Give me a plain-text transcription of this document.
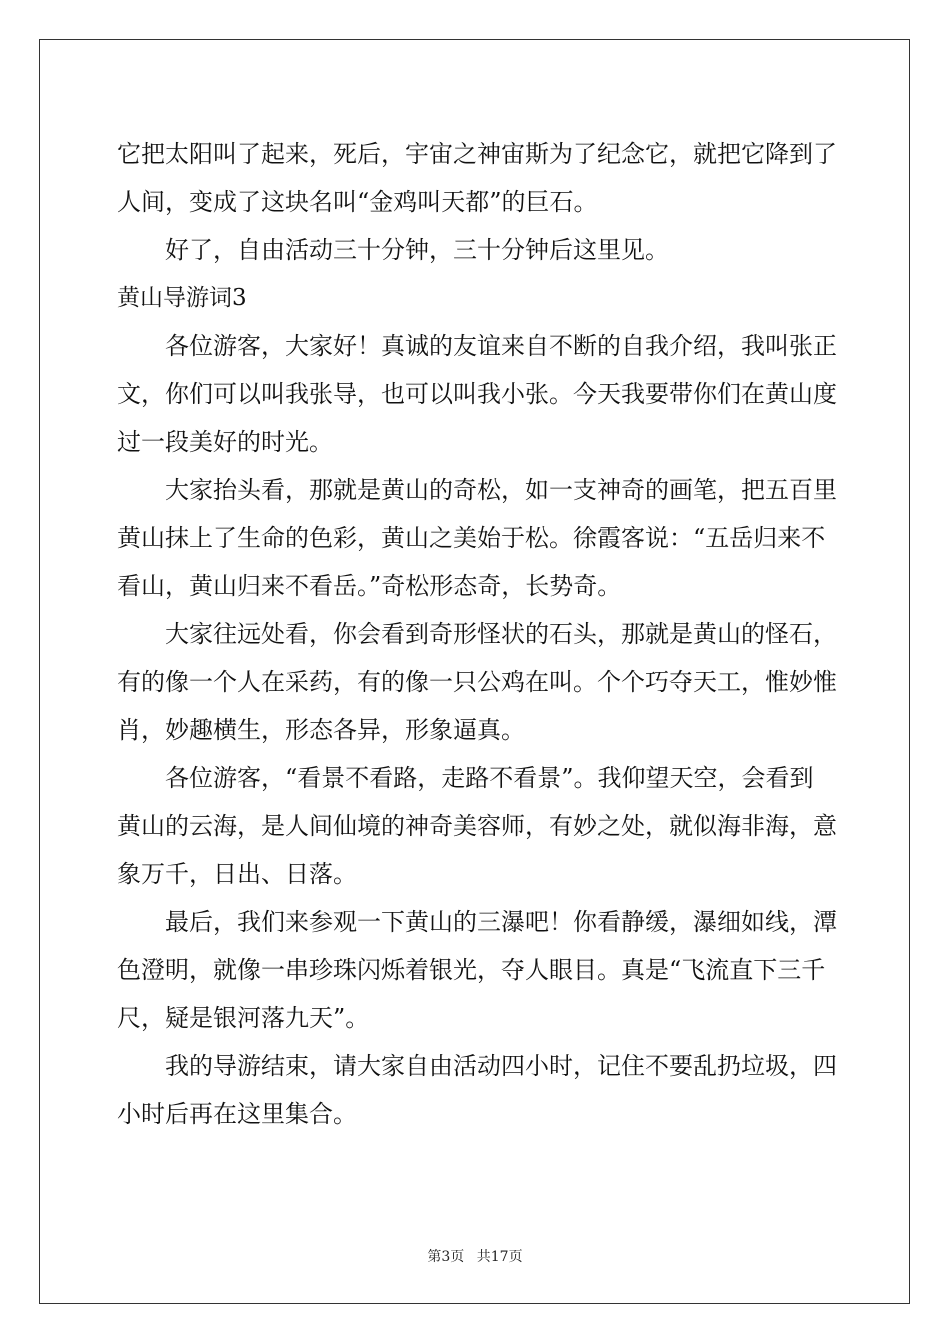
它把太阳叫了起来，死后，宇宙之神宙斯为了纪念它，就把它降到了
人间，变成了这块名叫“金鸡叫天都”的巨石。
好了，自由活动三十分钟，三十分钟后这里见。
黄山导游词3
各位游客，大家好！真诚的友谊来自不断的自我介绍，我叫张正
文，你们可以叫我张导，也可以叫我小张。今天我要带你们在黄山度
过一段美好的时光。
大家抬头看，那就是黄山的奇松，如一支神奇的画笔，把五百里
黄山抹上了生命的色彩，黄山之美始于松。徐霞客说：“五岳归来不
看山，黄山归来不看岳。”奇松形态奇，长势奇。
大家往远处看，你会看到奇形怪状的石头，那就是黄山的怪石，
有的像一个人在采药，有的像一只公鸡在叫。个个巧夺天工，惟妙惟
肖，妙趣横生，形态各异，形象逼真。
各位游客，“看景不看路，走路不看景”。我仰望天空，会看到
黄山的云海，是人间仙境的神奇美容师，有妙之处，就似海非海，意
象万千，日出、日落。
最后，我们来参观一下黄山的三瀑吧！你看静缓，瀑细如线，潭
色澄明，就像一串珍珠闪烁着银光，夺人眼目。真是“飞流直下三千
尺，疑是银河落九天”。
我的导游结束，请大家自由活动四小时，记住不要乱扔垃圾，四
小时后再在这里集合。
第3页 共17页
